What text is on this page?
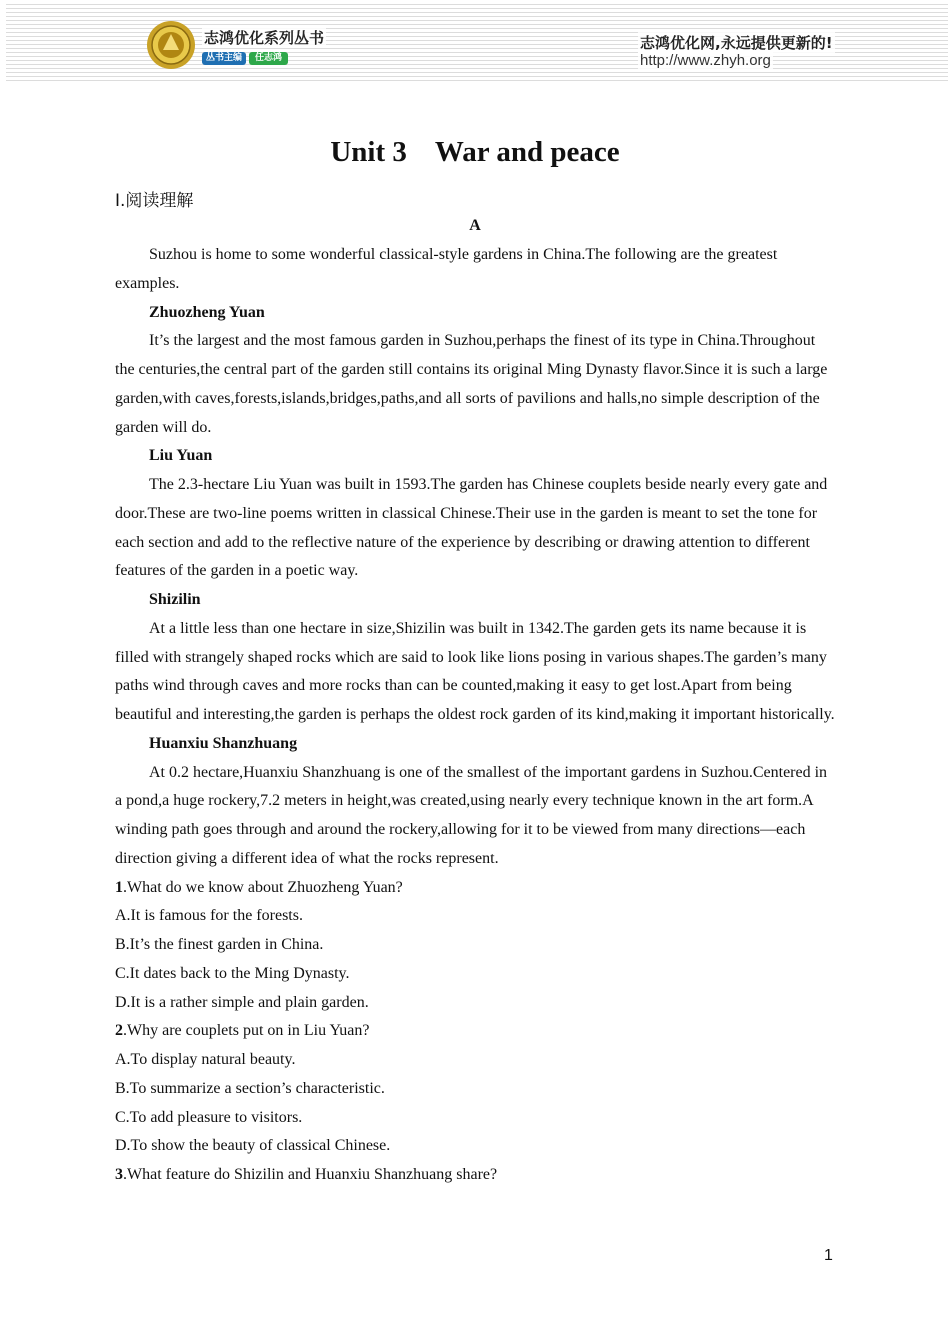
志鸿优化系列丛书
丛书主编	任志鸿
志鸿优化网,永远提供更新的!
http://www.zhyh.org
Unit 3 War and peace
Ⅰ.阅读理解
A

Suzhou is home to some wonderful classical-style gardens in China.The following are the greatest examples.

Zhuozheng Yuan

It’s the largest and the most famous garden in Suzhou,perhaps the finest of its type in China.Throughout the centuries,the central part of the garden still contains its original Ming Dynasty flavor.Since it is such a large garden,with caves,forests,islands,bridges,paths,and all sorts of pavilions and halls,no simple description of the garden will do.

Liu Yuan

The 2.3-hectare Liu Yuan was built in 1593.The garden has Chinese couplets beside nearly every gate and door.These are two-line poems written in classical Chinese.Their use in the garden is meant to set the tone for each section and add to the reflective nature of the experience by describing or drawing attention to different features of the garden in a poetic way.

Shizilin

At a little less than one hectare in size,Shizilin was built in 1342.The garden gets its name because it is filled with strangely shaped rocks which are said to look like lions posing in various shapes.The garden’s many paths wind through caves and more rocks than can be counted,making it easy to get lost.Apart from being beautiful and interesting,the garden is perhaps the oldest rock garden of its kind,making it important historically.

Huanxiu Shanzhuang

At 0.2 hectare,Huanxiu Shanzhuang is one of the smallest of the important gardens in Suzhou.Centered in a pond,a huge rockery,7.2 meters in height,was created,using nearly every technique known in the art form.A winding path goes through and around the rockery,allowing for it to be viewed from many directions—each direction giving a different idea of what the rocks represent.

1.What do we know about Zhuozheng Yuan?

A.It is famous for the forests.

B.It’s the finest garden in China.

C.It dates back to the Ming Dynasty.

D.It is a rather simple and plain garden.

2.Why are couplets put on in Liu Yuan?

A.To display natural beauty.

B.To summarize a section’s characteristic.

C.To add pleasure to visitors.

D.To show the beauty of classical Chinese.

3.What feature do Shizilin and Huanxiu Shanzhuang share?

1
